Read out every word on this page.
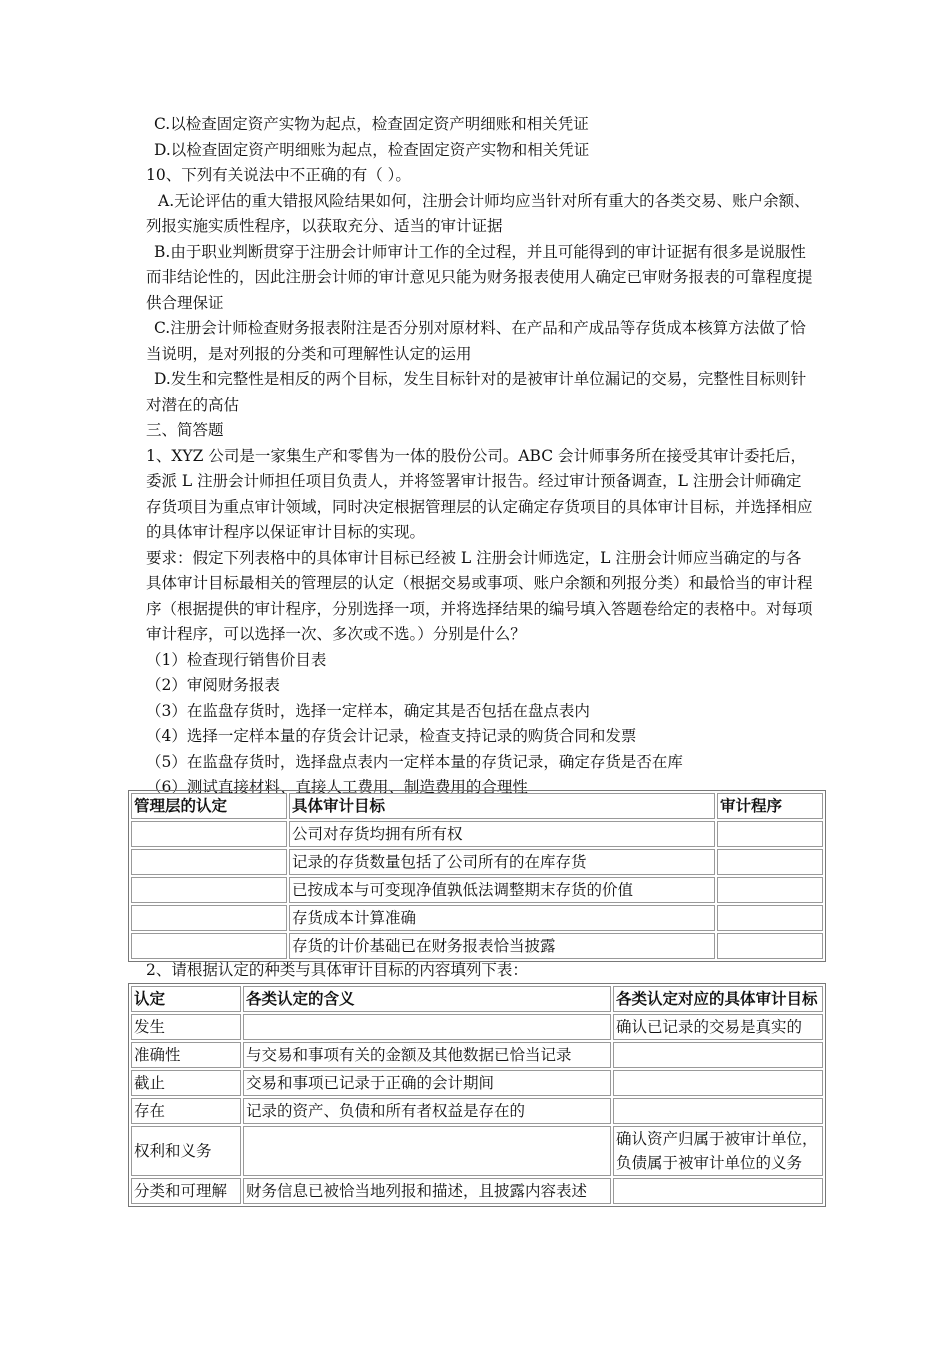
C.以检查固定资产实物为起点，检查固定资产明细账和相关凭证

D.以检查固定资产明细账为起点，检查固定资产实物和相关凭证

10、下列有关说法中不正确的有（ ）。

A.无论评估的重大错报风险结果如何，注册会计师均应当针对所有重大的各类交易、账户余额、列报实施实质性程序，以获取充分、适当的审计证据

B.由于职业判断贯穿于注册会计师审计工作的全过程，并且可能得到的审计证据有很多是说服性而非结论性的，因此注册会计师的审计意见只能为财务报表使用人确定已审财务报表的可靠程度提供合理保证

C.注册会计师检查财务报表附注是否分别对原材料、在产品和产成品等存货成本核算方法做了恰当说明，是对列报的分类和可理解性认定的运用

D.发生和完整性是相反的两个目标，发生目标针对的是被审计单位漏记的交易，完整性目标则针对潜在的高估

三、简答题

1、XYZ 公司是一家集生产和零售为一体的股份公司。ABC 会计师事务所在接受其审计委托后，委派 L 注册会计师担任项目负责人，并将签署审计报告。经过审计预备调查，L 注册会计师确定存货项目为重点审计领域，同时决定根据管理层的认定确定存货项目的具体审计目标，并选择相应的具体审计程序以保证审计目标的实现。

要求：假定下列表格中的具体审计目标已经被 L 注册会计师选定，L 注册会计师应当确定的与各具体审计目标最相关的管理层的认定（根据交易或事项、账户余额和列报分类）和最恰当的审计程序（根据提供的审计程序，分别选择一项，并将选择结果的编号填入答题卷给定的表格中。对每项审计程序，可以选择一次、多次或不选。）分别是什么？

（1）检查现行销售价目表

（2）审阅财务报表

（3）在监盘存货时，选择一定样本，确定其是否包括在盘点表内

（4）选择一定样本量的存货会计记录，检查支持记录的购货合同和发票

（5）在监盘存货时，选择盘点表内一定样本量的存货记录，确定存货是否在库

（6）测试直接材料、直接人工费用、制造费用的合理性

管理层的认定	具体审计目标	审计程序
	公司对存货均拥有所有权	
	记录的存货数量包括了公司所有的在库存货	
	已按成本与可变现净值孰低法调整期末存货的价值	
	存货成本计算准确	
	存货的计价基础已在财务报表恰当披露	
2、请根据认定的种类与具体审计目标的内容填列下表：
认定	各类认定的含义	各类认定对应的具体审计目标
发生		确认已记录的交易是真实的
准确性	与交易和事项有关的金额及其他数据已恰当记录	
截止	交易和事项已记录于正确的会计期间	
存在	记录的资产、负债和所有者权益是存在的	
权利和义务		确认资产归属于被审计单位，负债属于被审计单位的义务
分类和可理解	财务信息已被恰当地列报和描述，且披露内容表述	
